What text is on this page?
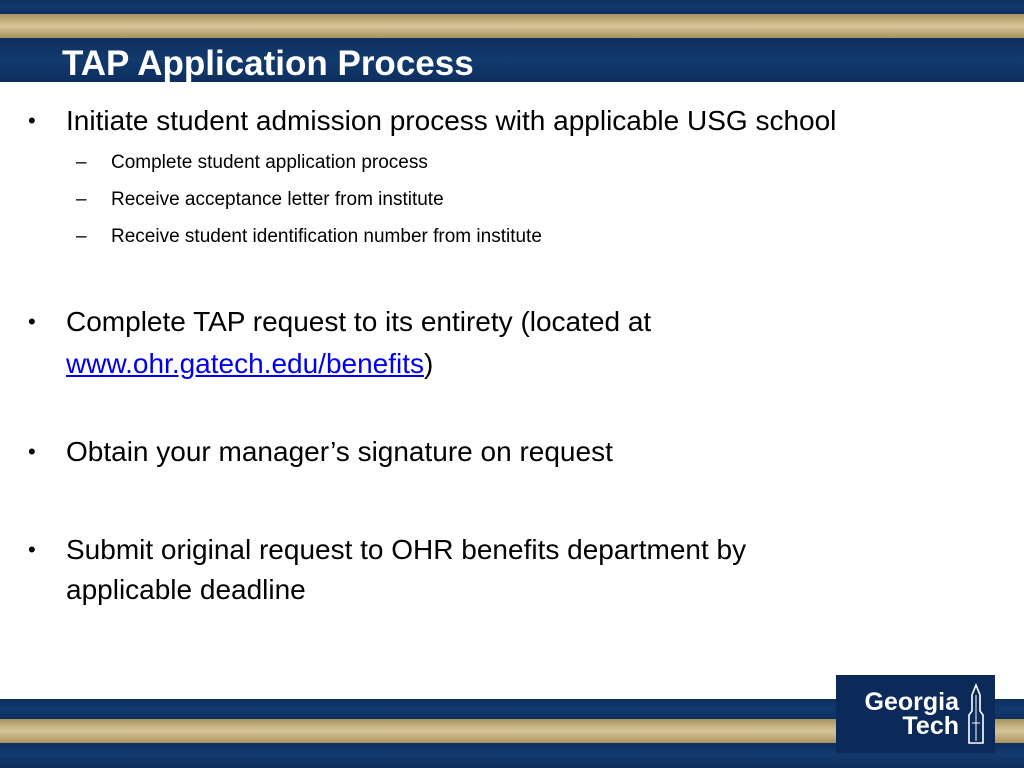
TAP Application Process
• Initiate student admission process with applicable USG school
– Complete student application process
– Receive acceptance letter from institute
– Receive student identification number from institute
• Complete TAP request to its entirety (located at
www.ohr.gatech.edu/benefits)
• Obtain your manager’s signature on request
• Submit original request to OHR benefits department by
applicable deadline
Georgia
Tech
